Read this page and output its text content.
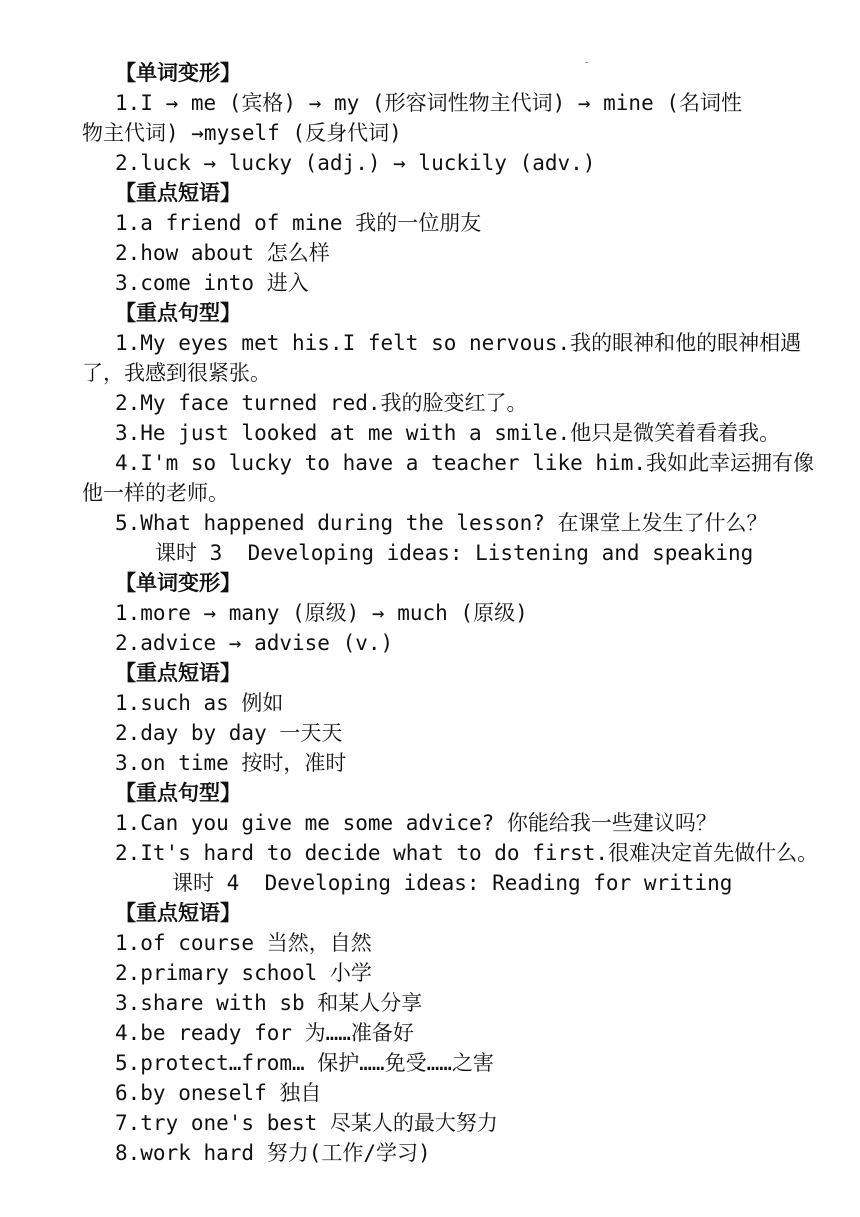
【单词变形】
1.I → me (宾格) → my (形容词性物主代词) → mine (名词性
物主代词) →myself (反身代词)
2.luck → lucky (adj.) → luckily (adv.)
【重点短语】
1.a friend of mine 我的一位朋友
2.how about 怎么样
3.come into 进入
【重点句型】
1.My eyes met his.I felt so nervous.我的眼神和他的眼神相遇
了，我感到很紧张。
2.My face turned red.我的脸变红了。
3.He just looked at me with a smile.他只是微笑着看着我。
4.I'm so lucky to have a teacher like him.我如此幸运拥有像
他一样的老师。
5.What happened during the lesson? 在课堂上发生了什么？
课时 3  Developing ideas: Listening and speaking
【单词变形】
1.more → many (原级) → much (原级)
2.advice → advise (v.)
【重点短语】
1.such as 例如
2.day by day 一天天
3.on time 按时，准时
【重点句型】
1.Can you give me some advice? 你能给我一些建议吗？
2.It's hard to decide what to do first.很难决定首先做什么。
课时 4  Developing ideas: Reading for writing
【重点短语】
1.of course 当然，自然
2.primary school 小学
3.share with sb 和某人分享
4.be ready for 为……准备好
5.protect…from… 保护……免受……之害
6.by oneself 独自
7.try one's best 尽某人的最大努力
8.work hard 努力(工作/学习)
